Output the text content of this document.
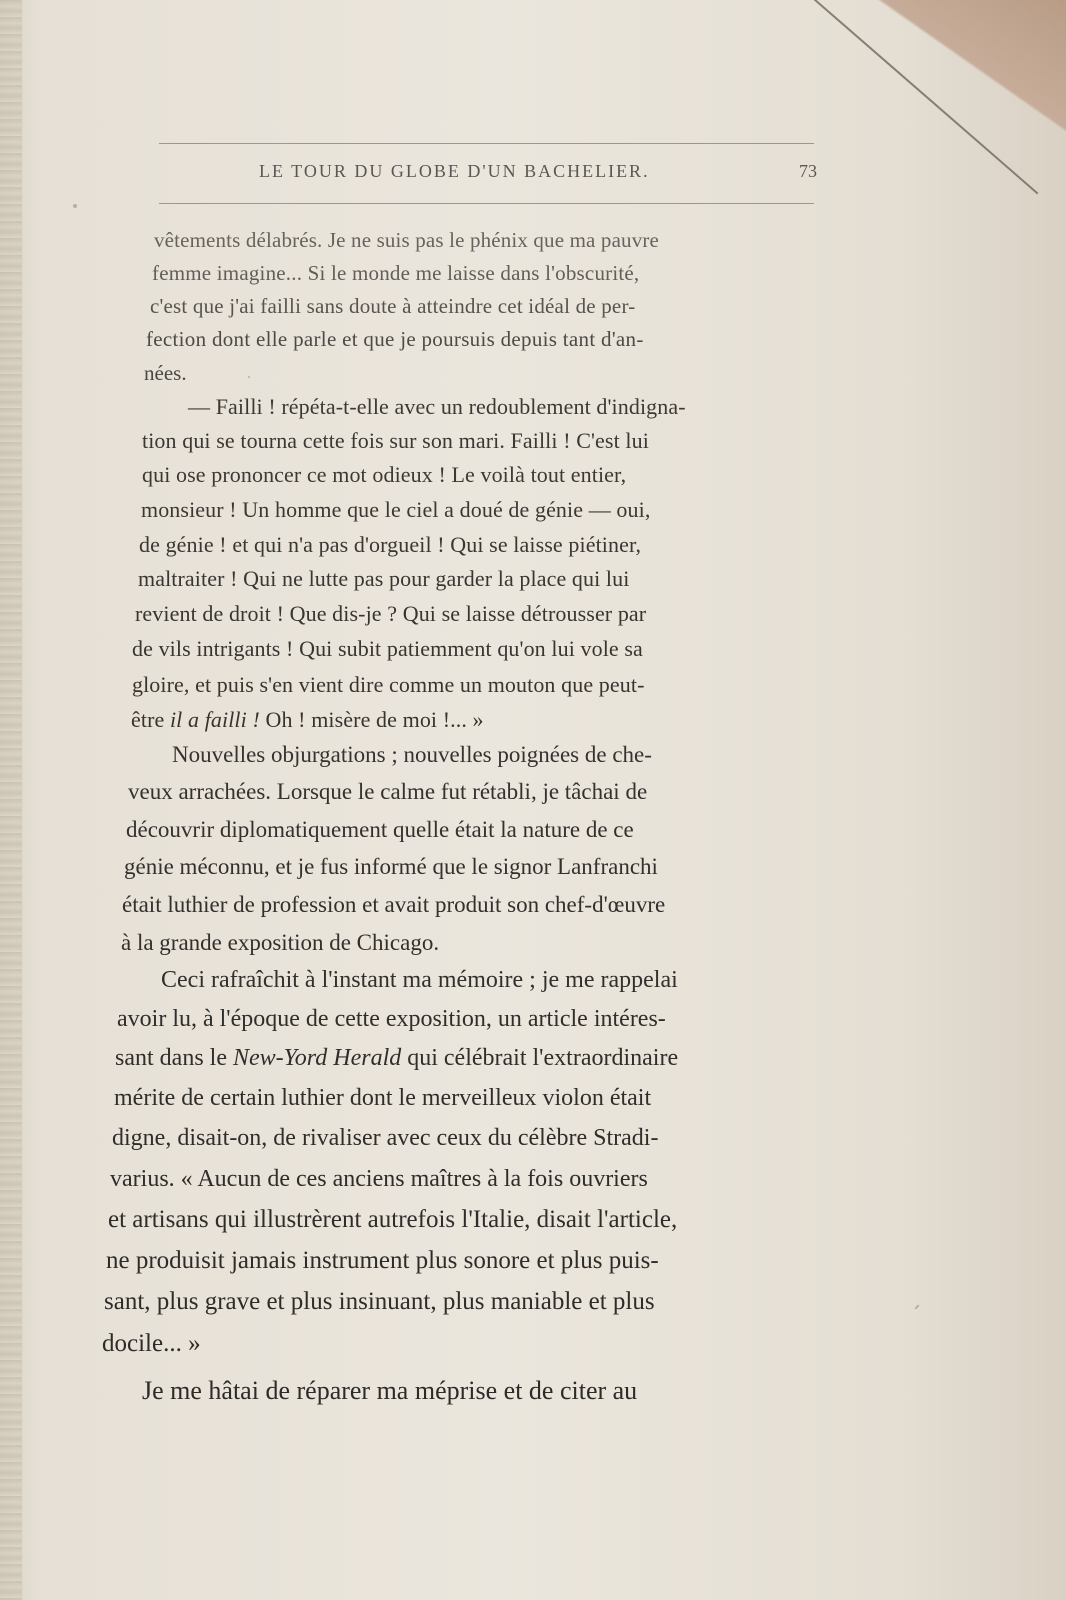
LE TOUR DU GLOBE D'UN BACHELIER.	73
vêtements délabrés. Je ne suis pas le phénix que ma pauvre
femme imagine... Si le monde me laisse dans l'obscurité,
c'est que j'ai failli sans doute à atteindre cet idéal de per-
fection dont elle parle et que je poursuis depuis tant d'an-
nées.
— Failli ! répéta-t-elle avec un redoublement d'indigna-
tion qui se tourna cette fois sur son mari. Failli ! C'est lui
qui ose prononcer ce mot odieux ! Le voilà tout entier,
monsieur ! Un homme que le ciel a doué de génie — oui,
de génie ! et qui n'a pas d'orgueil ! Qui se laisse piétiner,
maltraiter ! Qui ne lutte pas pour garder la place qui lui
revient de droit ! Que dis-je ? Qui se laisse détrousser par
de vils intrigants ! Qui subit patiemment qu'on lui vole sa
gloire, et puis s'en vient dire comme un mouton que peut-
être il a failli ! Oh ! misère de moi !... »
Nouvelles objurgations ; nouvelles poignées de che-
veux arrachées. Lorsque le calme fut rétabli, je tâchai de
découvrir diplomatiquement quelle était la nature de ce
génie méconnu, et je fus informé que le signor Lanfranchi
était luthier de profession et avait produit son chef-d'œuvre
à la grande exposition de Chicago.
Ceci rafraîchit à l'instant ma mémoire ; je me rappelai
avoir lu, à l'époque de cette exposition, un article intéres-
sant dans le New-Yord Herald qui célébrait l'extraordinaire
mérite de certain luthier dont le merveilleux violon était
digne, disait-on, de rivaliser avec ceux du célèbre Stradi-
varius. « Aucun de ces anciens maîtres à la fois ouvriers
et artisans qui illustrèrent autrefois l'Italie, disait l'article,
ne produisit jamais instrument plus sonore et plus puis-
sant, plus grave et plus insinuant, plus maniable et plus
docile... »
Je me hâtai de réparer ma méprise et de citer au
